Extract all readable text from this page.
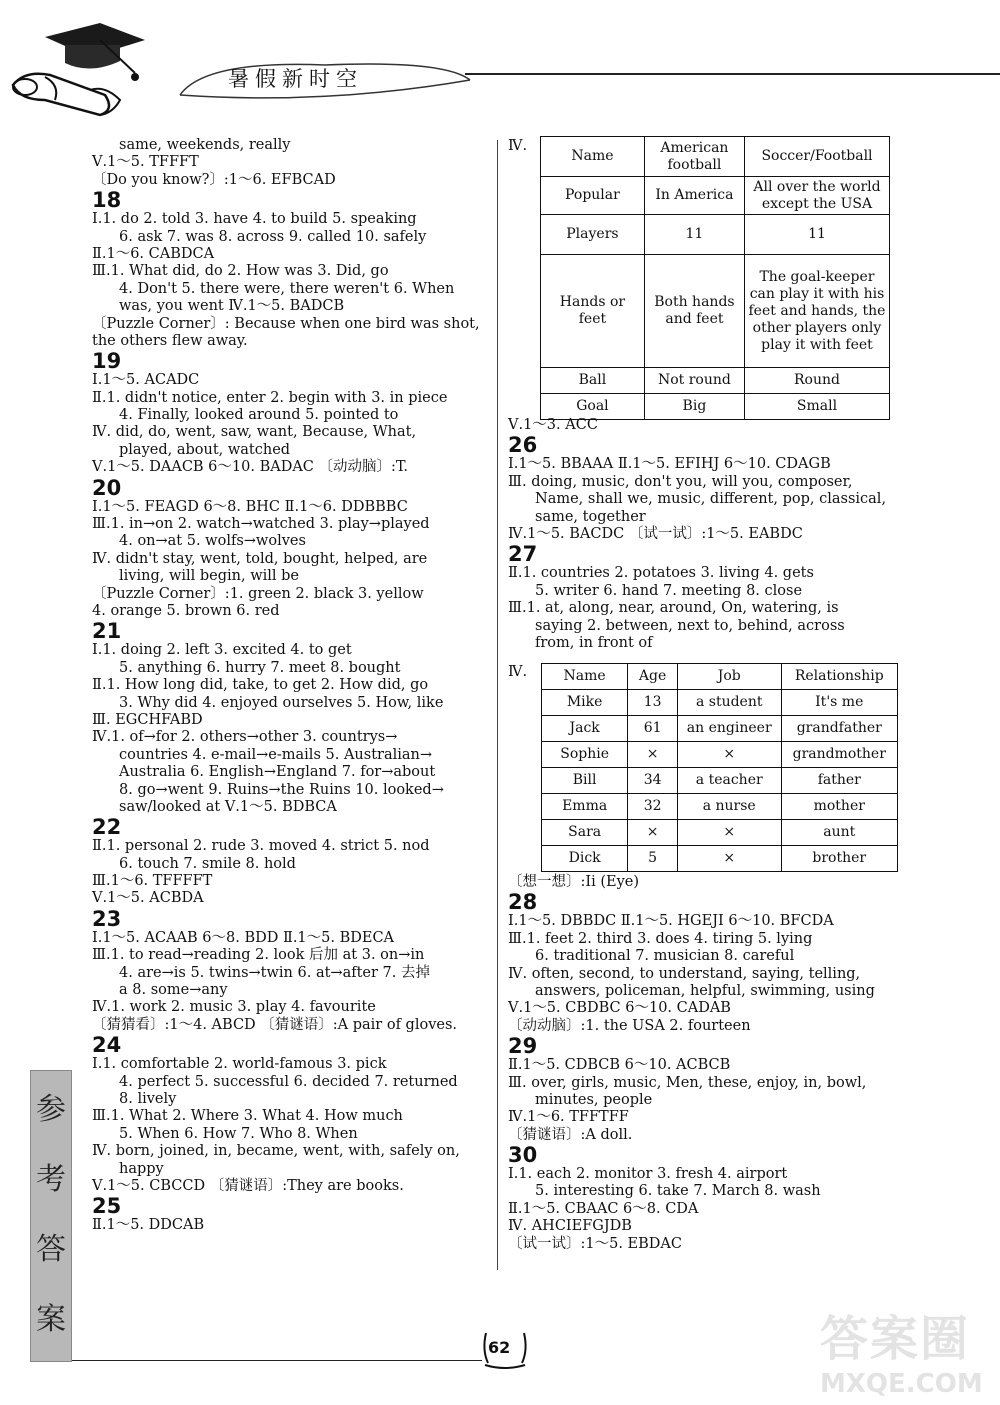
暑假新时空
same, weekends, really
Ⅴ.1～5. TFFFT
〔Do you know?〕:1～6. EFBCAD
18
Ⅰ.1. do 2. told 3. have 4. to build 5. speaking
6. ask 7. was 8. across 9. called 10. safely
Ⅱ.1～6. CABDCA
Ⅲ.1. What did, do 2. How was 3. Did, go
4. Don't 5. there were, there weren't 6. When
was, you went Ⅳ.1～5. BADCB
〔Puzzle Corner〕: Because when one bird was shot,
the others flew away.
19
Ⅰ.1～5. ACADC
Ⅱ.1. didn't notice, enter 2. begin with 3. in piece
4. Finally, looked around 5. pointed to
Ⅳ. did, do, went, saw, want, Because, What,
played, about, watched
Ⅴ.1～5. DAACB 6～10. BADAC 〔动动脑〕:T.
20
Ⅰ.1～5. FEAGD 6～8. BHC Ⅱ.1～6. DDBBBC
Ⅲ.1. in→on 2. watch→watched 3. play→played
4. on→at 5. wolfs→wolves
Ⅳ. didn't stay, went, told, bought, helped, are
living, will begin, will be
〔Puzzle Corner〕:1. green 2. black 3. yellow
4. orange 5. brown 6. red
21
Ⅰ.1. doing 2. left 3. excited 4. to get
5. anything 6. hurry 7. meet 8. bought
Ⅱ.1. How long did, take, to get 2. How did, go
3. Why did 4. enjoyed ourselves 5. How, like
Ⅲ. EGCHFABD
Ⅳ.1. of→for 2. others→other 3. countrys→
countries 4. e-mail→e-mails 5. Australian→
Australia 6. English→England 7. for→about
8. go→went 9. Ruins→the Ruins 10. looked→
saw/looked at Ⅴ.1～5. BDBCA
22
Ⅱ.1. personal 2. rude 3. moved 4. strict 5. nod
6. touch 7. smile 8. hold
Ⅲ.1～6. TFFFFT
Ⅴ.1～5. ACBDA
23
Ⅰ.1～5. ACAAB 6～8. BDD Ⅱ.1～5. BDECA
Ⅲ.1. to read→reading 2. look 后加 at 3. on→in
4. are→is 5. twins→twin 6. at→after 7. 去掉
a 8. some→any
Ⅳ.1. work 2. music 3. play 4. favourite
〔猜猜看〕:1～4. ABCD 〔猜谜语〕:A pair of gloves.
24
Ⅰ.1. comfortable 2. world-famous 3. pick
4. perfect 5. successful 6. decided 7. returned
8. lively
Ⅲ.1. What 2. Where 3. What 4. How much
5. When 6. How 7. Who 8. When
Ⅳ. born, joined, in, became, went, with, safely on,
happy
Ⅴ.1～5. CBCCD 〔猜谜语〕:They are books.
25
Ⅱ.1～5. DDCAB
Ⅳ.
Name	American football	Soccer/Football
Popular	In America	All over the world except the USA
Players	11	11
Hands or feet	Both hands and feet	The goal-keeper can play it with his feet and hands, the other players only play it with feet
Ball	Not round	Round
Goal	Big	Small
Ⅴ.1～3. ACC
26
Ⅰ.1～5. BBAAA Ⅱ.1～5. EFIHJ 6～10. CDAGB
Ⅲ. doing, music, don't you, will you, composer,
Name, shall we, music, different, pop, classical,
same, together
Ⅳ.1～5. BACDC 〔试一试〕:1～5. EABDC
27
Ⅱ.1. countries 2. potatoes 3. living 4. gets
5. writer 6. hand 7. meeting 8. close
Ⅲ.1. at, along, near, around, On, watering, is
saying 2. between, next to, behind, across
from, in front of
Ⅳ.	Name	Age	Job	Relationship
Mike	13	a student	It's me
Jack	61	an engineer	grandfather
Sophie	×	×	grandmother
Bill	34	a teacher	father
Emma	32	a nurse	mother
Sara	×	×	aunt
Dick	5	×	brother
〔想一想〕:Ii (Eye)
28
Ⅰ.1～5. DBBDC Ⅱ.1～5. HGEJI 6～10. BFCDA
Ⅲ.1. feet 2. third 3. does 4. tiring 5. lying
6. traditional 7. musician 8. careful
Ⅳ. often, second, to understand, saying, telling,
answers, policeman, helpful, swimming, using
Ⅴ.1～5. CBDBC 6～10. CADAB
〔动动脑〕:1. the USA 2. fourteen
29
Ⅱ.1～5. CDBCB 6～10. ACBCB
Ⅲ. over, girls, music, Men, these, enjoy, in, bowl,
minutes, people
Ⅳ.1～6. TFFTFF
〔猜谜语〕:A doll.
30
Ⅰ.1. each 2. monitor 3. fresh 4. airport
5. interesting 6. take 7. March 8. wash
Ⅱ.1～5. CBAAC 6～8. CDA
Ⅳ. AHCIEFGJDB
〔试一试〕:1～5. EBDAC
参
考
答
案
62	答案圈
MXQE.COM
